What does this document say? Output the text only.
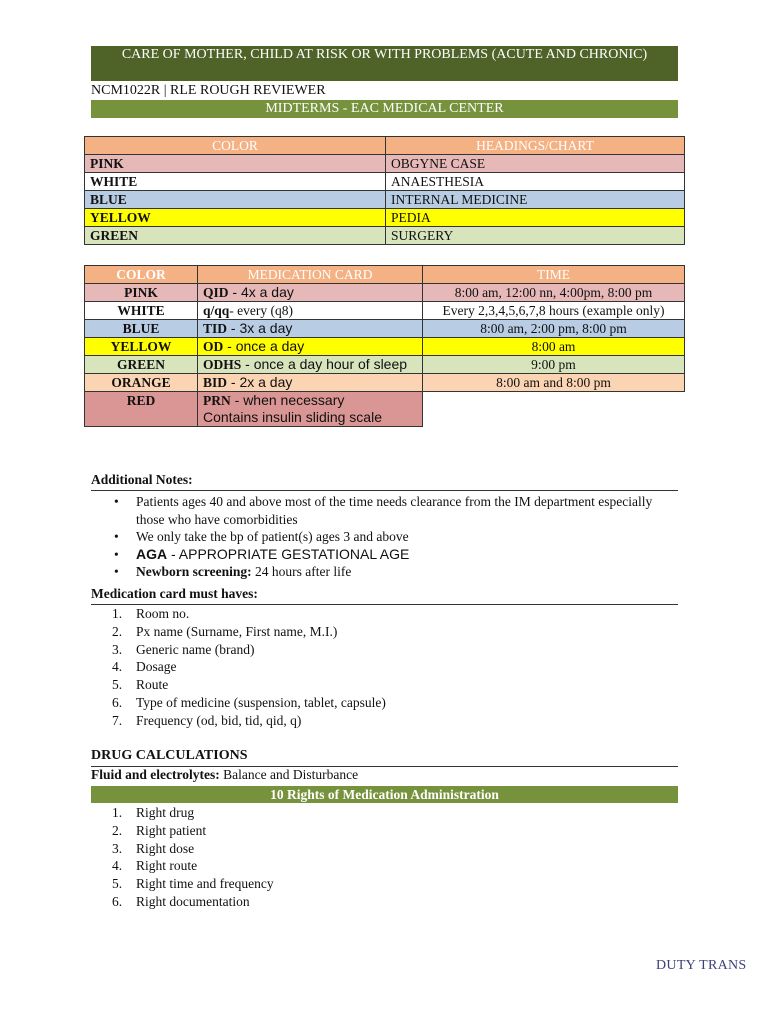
CARE OF MOTHER, CHILD AT RISK OR WITH PROBLEMS (ACUTE AND CHRONIC)
NCM1022R | RLE ROUGH REVIEWER
MIDTERMS - EAC MEDICAL CENTER
COLOR	HEADINGS/CHART
PINK	OBGYNE CASE
WHITE	ANAESTHESIA
BLUE	INTERNAL MEDICINE
YELLOW	PEDIA
GREEN	SURGERY
COLOR	MEDICATION CARD	TIME
PINK	QID - 4x a day	8:00 am, 12:00 nn, 4:00pm, 8:00 pm
WHITE	q/qq- every (q8)	Every 2,3,4,5,6,7,8 hours (example only)
BLUE	TID - 3x a day	8:00 am, 2:00 pm, 8:00 pm
YELLOW	OD - once a day	8:00 am
GREEN	ODHS - once a day hour of sleep	9:00 pm
ORANGE	BID - 2x a day	8:00 am and 8:00 pm
RED	PRN - when necessary
Contains insulin sliding scale	
Additional Notes:
• Patients ages 40 and above most of the time needs clearance from the IM department especially those who have comorbidities
• We only take the bp of patient(s) ages 3 and above
• AGA - APPROPRIATE GESTATIONAL AGE
• Newborn screening: 24 hours after life
Medication card must haves:
1. Room no.
2. Px name (Surname, First name, M.I.)
3. Generic name (brand)
4. Dosage
5. Route
6. Type of medicine (suspension, tablet, capsule)
7. Frequency (od, bid, tid, qid, q)
DRUG CALCULATIONS
Fluid and electrolytes: Balance and Disturbance
10 Rights of Medication Administration
1. Right drug
2. Right patient
3. Right dose
4. Right route
5. Right time and frequency
6. Right documentation
DUTY TRANS
